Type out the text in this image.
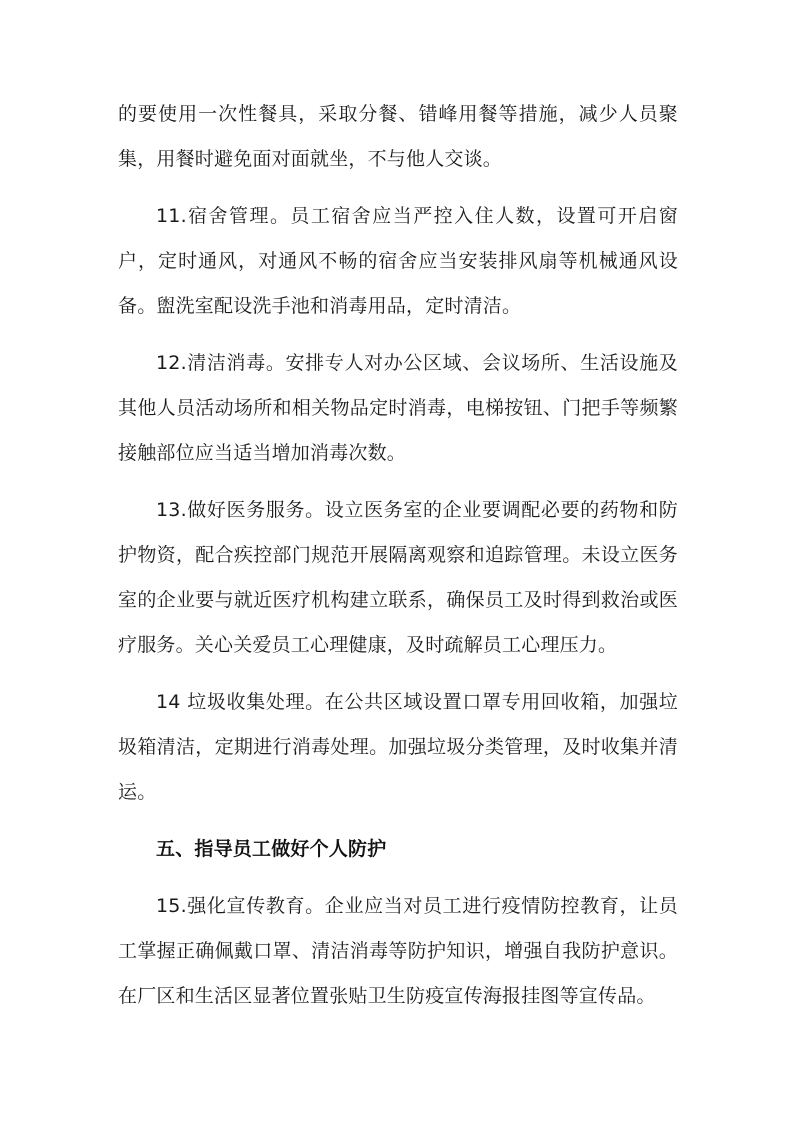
的要使用一次性餐具，采取分餐、错峰用餐等措施，减少人员聚集，用餐时避免面对面就坐，不与他人交谈。

11.宿舍管理。员工宿舍应当严控入住人数，设置可开启窗户，定时通风，对通风不畅的宿舍应当安装排风扇等机械通风设备。盥洗室配设洗手池和消毒用品，定时清洁。

12.清洁消毒。安排专人对办公区域、会议场所、生活设施及其他人员活动场所和相关物品定时消毒，电梯按钮、门把手等频繁接触部位应当适当增加消毒次数。

13.做好医务服务。设立医务室的企业要调配必要的药物和防护物资，配合疾控部门规范开展隔离观察和追踪管理。未设立医务室的企业要与就近医疗机构建立联系，确保员工及时得到救治或医疗服务。关心关爱员工心理健康，及时疏解员工心理压力。

14 垃圾收集处理。在公共区域设置口罩专用回收箱，加强垃圾箱清洁，定期进行消毒处理。加强垃圾分类管理，及时收集并清运。

五、指导员工做好个人防护

15.强化宣传教育。企业应当对员工进行疫情防控教育，让员工掌握正确佩戴口罩、清洁消毒等防护知识，增强自我防护意识。在厂区和生活区显著位置张贴卫生防疫宣传海报挂图等宣传品。
